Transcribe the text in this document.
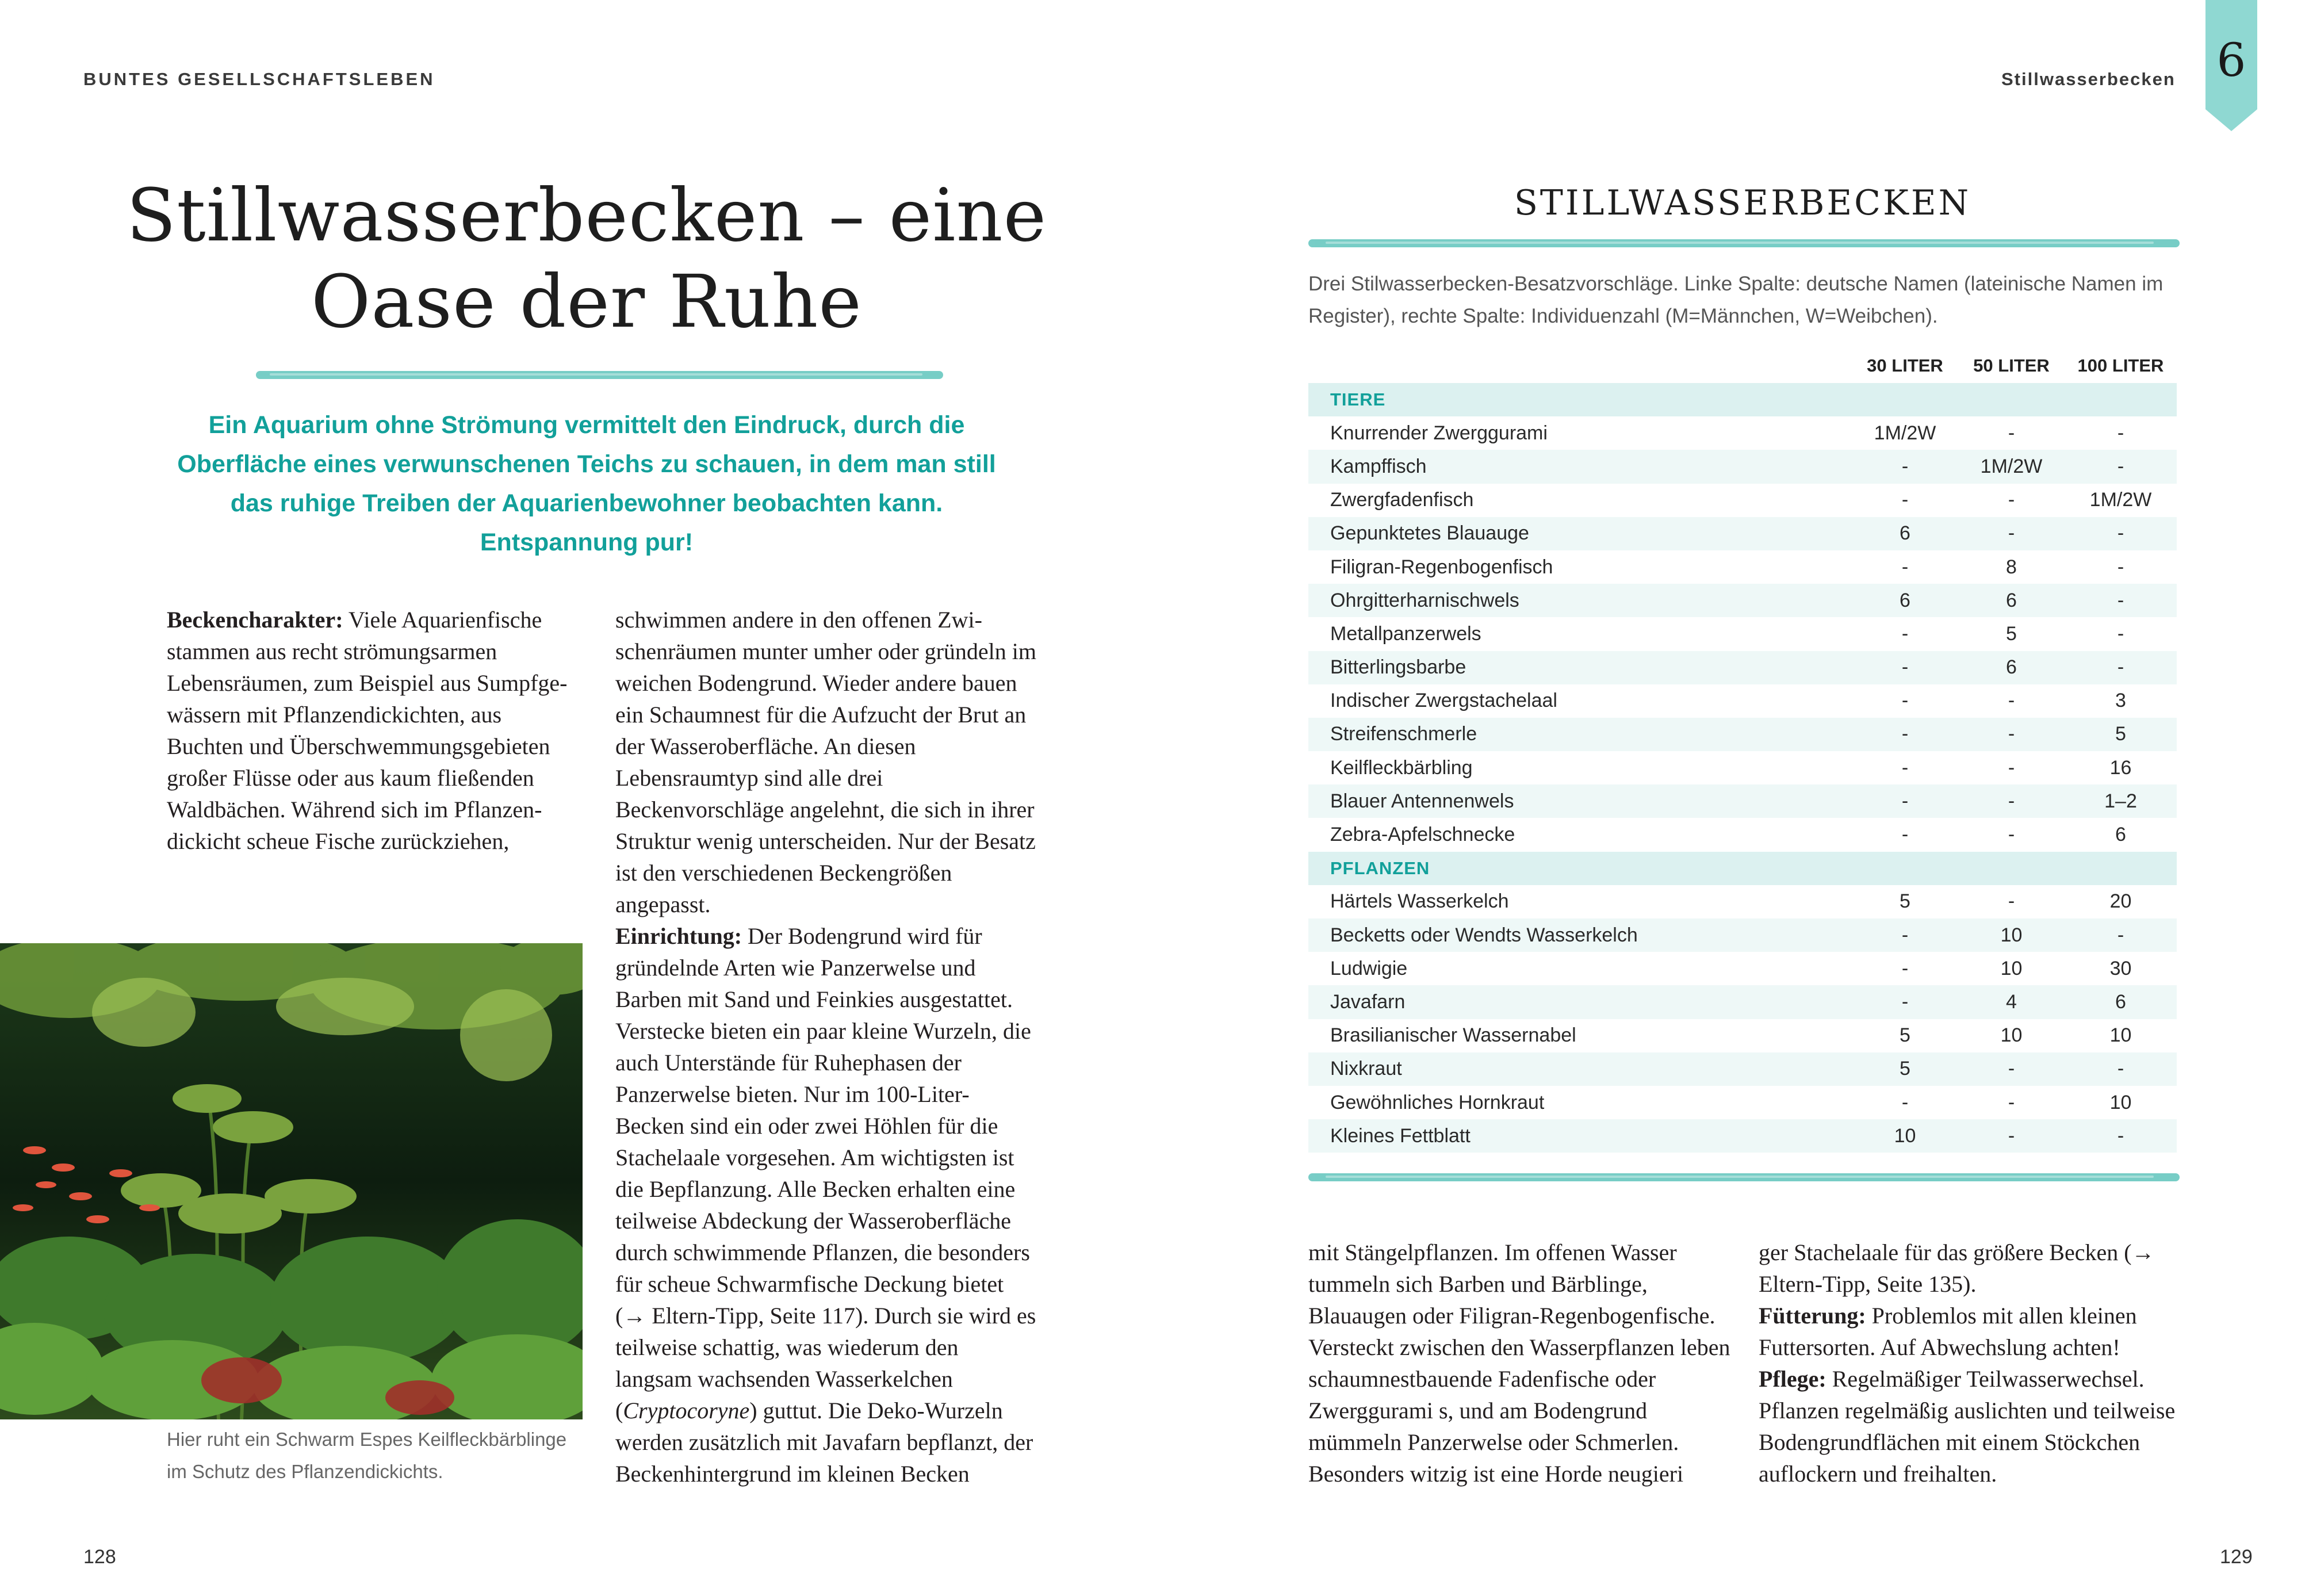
BUNTES GESELLSCHAFTSLEBEN	Stillwasserbecken 6
Stillwasserbecken – eine
Oase der Ruhe
Ein Aquarium ohne Strömung vermittelt den Eindruck, durch die Oberfläche eines verwunschenen Teichs zu schauen, in dem man still das ruhige Treiben der Aquarienbewohner beobachten kann. Entspannung pur!

Beckencharakter: Viele Aquarienfische stammen aus recht strömungsarmen Lebensräumen, zum Beispiel aus Sumpfgewässern mit Pflanzendickichten, aus Buchten und Überschwemmungsgebieten großer Flüsse oder aus kaum fließenden Waldbächen. Während sich im Pflanzendickicht scheue Fische zurückziehen,

Hier ruht ein Schwarm Espes Keilfleckbärblinge im Schutz des Pflanzendickichts.

schwimmen andere in den offenen Zwischenräumen munter umher oder gründeln im weichen Bodengrund. Wieder andere bauen ein Schaumnest für die Aufzucht der Brut an der Wasseroberfläche. An diesen Lebensraumtyp sind alle drei Beckenvorschläge angelehnt, die sich in ihrer Struktur wenig unterscheiden. Nur der Besatz ist den verschiedenen Beckengrößen angepasst.

Einrichtung: Der Bodengrund wird für gründelnde Arten wie Panzerwelse und Barben mit Sand und Feinkies ausgestattet. Verstecke bieten ein paar kleine Wurzeln, die auch Unterstände für Ruhephasen der Panzerwelse bieten. Nur im 100-Liter-Becken sind ein oder zwei Höhlen für die Stachelaale vorgesehen. Am wichtigsten ist die Bepflanzung. Alle Becken erhalten eine teilweise Abdeckung der Wasseroberfläche durch schwimmende Pflanzen, die besonders für scheue Schwarmfische Deckung bietet (→ Eltern-Tipp, Seite 117). Durch sie wird es teilweise schattig, was wiederum den langsam wachsenden Wasserkelchen (Cryptocoryne) guttut. Die Deko-Wurzeln werden zusätzlich mit Javafarn bepflanzt, der Beckenhintergrund im kleinen Becken

128	129
STILLWASSERBECKEN
Drei Stilwasserbecken-Besatzvorschläge. Linke Spalte: deutsche Namen (lateinische Namen im Register), rechte Spalte: Individuenzahl (M=Männchen, W=Weibchen).
	30 LITER	50 LITER	100 LITER
TIERE			
Knurrender Zwerggurami	1M/2W	-	-
Kampffisch	-	1M/2W	-
Zwergfadenfisch	-	-	1M/2W
Gepunktetes Blauauge	6	-	-
Filigran-Regenbogenfisch	-	8	-
Ohrgitterharnischwels	6	6	-
Metallpanzerwels	-	5	-
Bitterlingsbarbe	-	6	-
Indischer Zwergstachelaal	-	-	3
Streifenschmerle	-	-	5
Keilfleckbärbling	-	-	16
Blauer Antennenwels	-	-	1–2
Zebra-Apfelschnecke	-	-	6
PFLANZEN			
Härtels Wasserkelch	5	-	20
Becketts oder Wendts Wasserkelch	-	10	-
Ludwigie	-	10	30
Javafarn	-	4	6
Brasilianischer Wassernabel	5	10	10
Nixkraut	5	-	-
Gewöhnliches Hornkraut	-	-	10
Kleines Fettblatt	10	-	-

mit Stängelpflanzen. Im offenen Wasser tummeln sich Barben und Bärblinge, Blauaugen oder Filigran-Regenbogenfische. Versteckt zwischen den Wasserpflanzen leben schaumnestbauende Fadenfische oder Zwerggurami s, und am Bodengrund mümmeln Panzerwelse oder Schmerlen. Besonders witzig ist eine Horde neugieri

ger Stachelaale für das größere Becken (→ Eltern-Tipp, Seite 135).

Fütterung: Problemlos mit allen kleinen Futtersorten. Auf Abwechslung achten!

Pflege: Regelmäßiger Teilwasserwechsel. Pflanzen regelmäßig auslichten und teilweise Bodengrundflächen mit einem Stöckchen auflockern und freihalten.
